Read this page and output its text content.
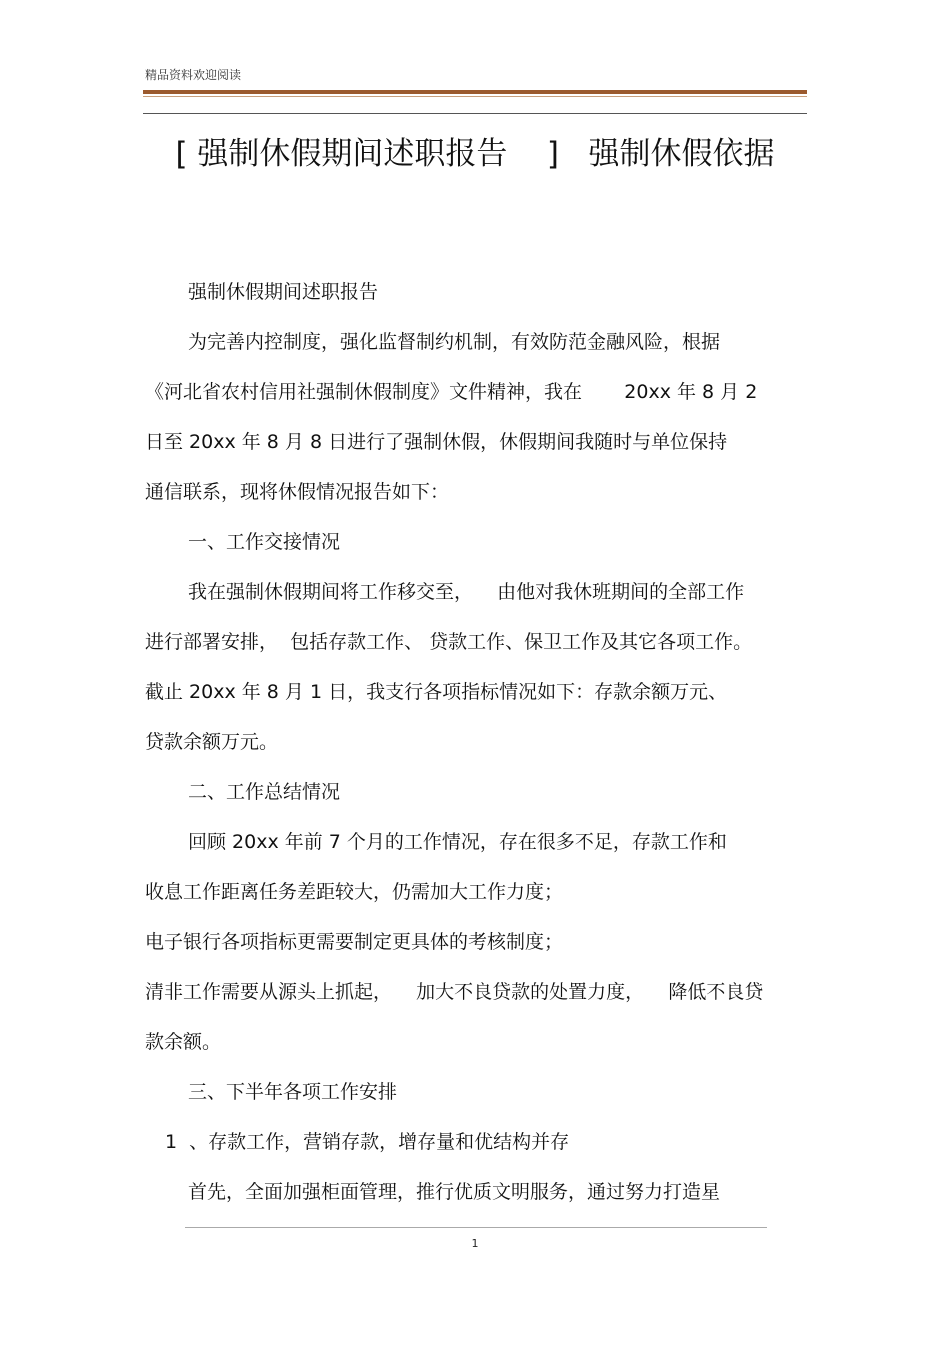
精品资料欢迎阅读
[ 强制休假期间述职报告    ]   强制休假依据
强制休假期间述职报告
为完善内控制度，强化监督制约机制，有效防范金融风险，根据
《河北省农村信用社强制休假制度》文件精神，我在       20xx 年 8 月 2
日至 20xx 年 8 月 8 日进行了强制休假，休假期间我随时与单位保持
通信联系，现将休假情况报告如下：
一、工作交接情况
我在强制休假期间将工作移交至，    由他对我休班期间的全部工作
进行部署安排，  包括存款工作、 贷款工作、保卫工作及其它各项工作。
截止 20xx 年 8 月 1 日，我支行各项指标情况如下：存款余额万元、
贷款余额万元。
二、工作总结情况
回顾 20xx 年前 7 个月的工作情况，存在很多不足，存款工作和
收息工作距离任务差距较大，仍需加大工作力度；
电子银行各项指标更需要制定更具体的考核制度；
清非工作需要从源头上抓起，    加大不良贷款的处置力度，    降低不良贷
款余额。
三、下半年各项工作安排
1  、存款工作，营销存款，增存量和优结构并存
首先，全面加强柜面管理，推行优质文明服务，通过努力打造星
1
